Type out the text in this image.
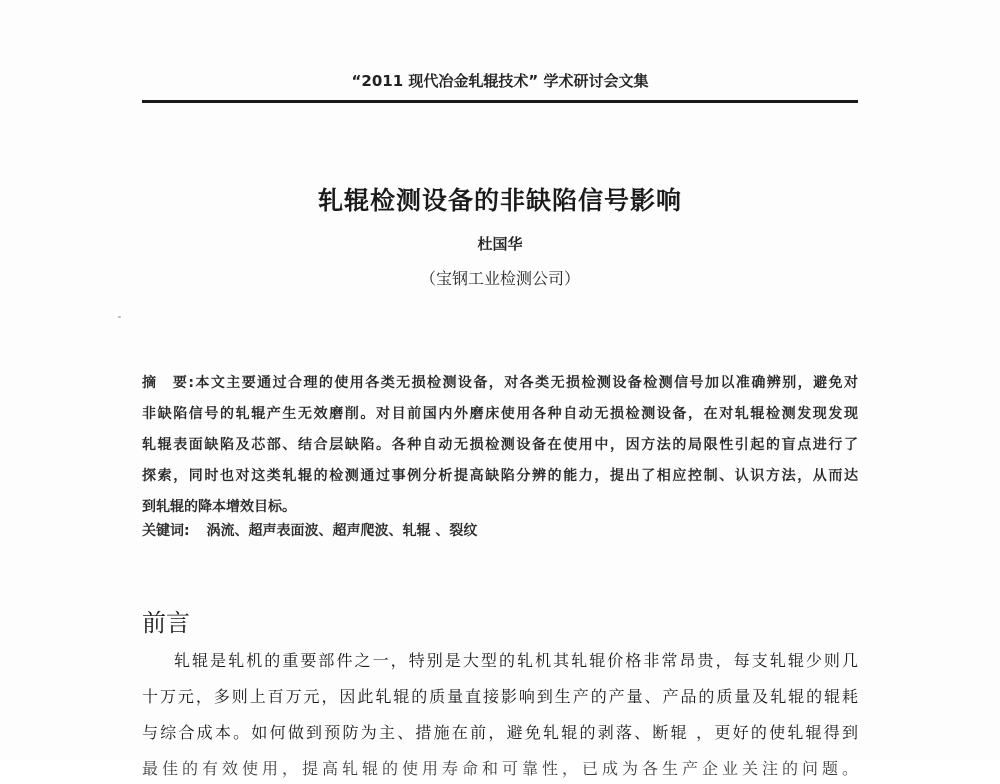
“2011 现代冶金轧辊技术” 学术研讨会文集
轧辊检测设备的非缺陷信号影响
杜国华
（宝钢工业检测公司）
摘　要:本文主要通过合理的使用各类无损检测设备，对各类无损检测设备检测信号加以准确辨别，避免对
非缺陷信号的轧辊产生无效磨削。对目前国内外磨床使用各种自动无损检测设备，在对轧辊检测发现发现
轧辊表面缺陷及芯部、结合层缺陷。各种自动无损检测设备在使用中，因方法的局限性引起的盲点进行了
探索，同时也对这类轧辊的检测通过事例分析提高缺陷分辨的能力，提出了相应控制、认识方法，从而达
到轧辊的降本增效目标。
关键词: 涡流、超声表面波、超声爬波、轧辊 、裂纹
前言
轧辊是轧机的重要部件之一，特别是大型的轧机其轧辊价格非常昂贵，每支轧辊少则几
十万元，多则上百万元，因此轧辊的质量直接影响到生产的产量、产品的质量及轧辊的辊耗
与综合成本。如何做到预防为主、措施在前，避免轧辊的剥落、断辊 ，更好的使轧辊得到
最佳的有效使用，提高轧辊的使用寿命和可靠性，已成为各生产企业关注的问题。
